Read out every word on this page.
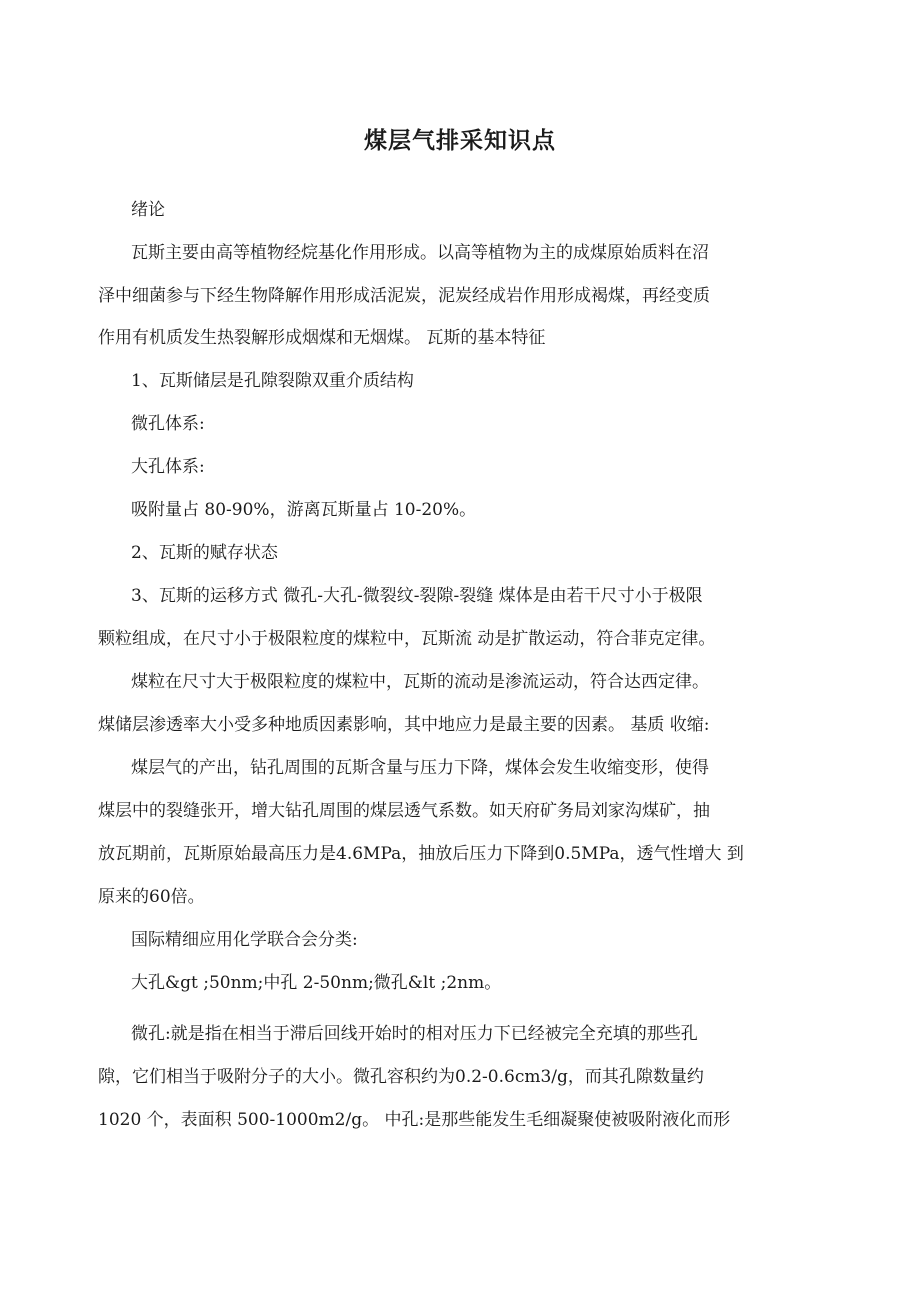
煤层气排采知识点
绪论
瓦斯主要由高等植物经烷基化作用形成。以高等植物为主的成煤原始质料在沼
泽中细菌参与下经生物降解作用形成活泥炭，泥炭经成岩作用形成褐煤，再经变质
作用有机质发生热裂解形成烟煤和无烟煤。 瓦斯的基本特征
1、瓦斯储层是孔隙裂隙双重介质结构
微孔体系:
大孔体系:
吸附量占 80-90%，游离瓦斯量占 10-20%。
2、瓦斯的赋存状态
3、瓦斯的运移方式 微孔-大孔-微裂纹-裂隙-裂缝 煤体是由若干尺寸小于极限
颗粒组成，在尺寸小于极限粒度的煤粒中，瓦斯流 动是扩散运动，符合菲克定律。
煤粒在尺寸大于极限粒度的煤粒中，瓦斯的流动是渗流运动，符合达西定律。
煤储层渗透率大小受多种地质因素影响，其中地应力是最主要的因素。 基质 收缩:
煤层气的产出，钻孔周围的瓦斯含量与压力下降，煤体会发生收缩变形，使得
煤层中的裂缝张开，增大钻孔周围的煤层透气系数。如天府矿务局刘家沟煤矿，抽
放瓦期前，瓦斯原始最高压力是4.6MPa，抽放后压力下降到0.5MPa，透气性增大 到
原来的60倍。
国际精细应用化学联合会分类:
大孔&gt ;50nm;中孔 2-50nm;微孔&lt ;2nm。
微孔:就是指在相当于滞后回线开始时的相对压力下已经被完全充填的那些孔
隙，它们相当于吸附分子的大小。微孔容积约为0.2-0.6cm3/g，而其孔隙数量约
1020 个，表面积 500-1000m2/g。 中孔:是那些能发生毛细凝聚使被吸附液化而形
